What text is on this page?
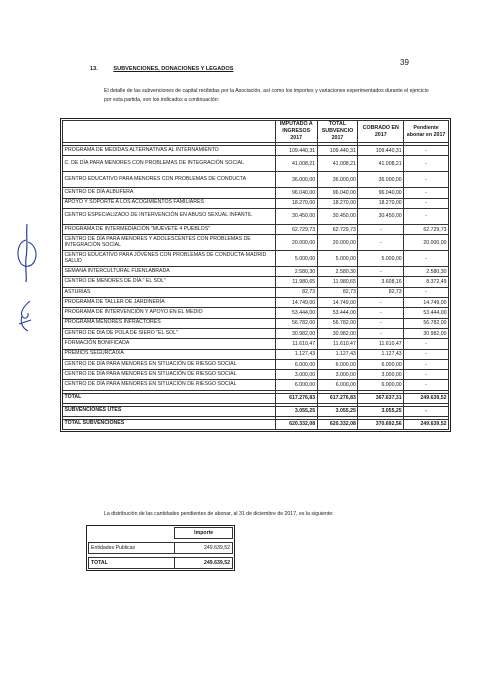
39
13.	SUBVENCIONES, DONACIONES Y LEGADOS
El detalle de las subvenciones de capital recibidas por la Asociación, así como los importes y variaciones experimentados durante el ejercicio por esta partida, son los indicados a continuación:
	IMPUTADO A INGRESOS 2017	TOTAL SUBVENCIO 2017	COBRADO EN 2017	Pendiente abonar en 2017

PROGRAMA DE MEDIDAS ALTERNATIVAS AL INTERNAMIENTO	109.440,31	109.440,31	109.440,31	-
C. DE DÍA PARA MENORES CON PROBLEMAS DE INTEGRACIÓN SOCIAL	41.008,21	41.008,21	41.008,21	-
CENTRO EDUCATIVO PARA MENORES CON PROBLEMAS DE CONDUCTA	36.000,00	36.000,00	36.000,00	-
CENTRO DE DÍA ALBUFERA	96.040,00	96.040,00	96.040,00	-
APOYO Y SOPORTE A LOS ACOGIMIENTOS FAMILIARES	18.270,00	18.270,00	18.270,00	-
CENTRO ESPECIALIZADO DE INTERVENCIÓN EN ABUSO SEXUAL INFANTIL	30.450,00	30.450,00	30.450,00	-
PROGRAMA DE INTERMEDIACIÓN "MUEVETE 4 PUEBLOS"	62.729,73	62.729,73	-	62.729,73
CENTRO DE DÍA PARA MENORES Y ADOLESCENTES CON PROBLEMAS DE INTEGRACIÓN SOCIAL	20.000,00	20.000,00	-	20.000,00
CENTRO EDUCATIVO PARA JÓVENES CON PROBLEMAS DE CONDUCTA-MADRID SALUD	5.000,00	5.000,00	5.000,00	-
SEMANA INTERCULTURAL FUENLABRADA	2.580,30	2.580,30	-	2.580,30
CENTRO DE MENORES DE DÍA " EL SOL"	11.980,65	11.980,65	3.608,16	8.372,49
ASTURIAS	82,73	82,73	82,73	-
PROGRAMA DE TALLER DE JARDINERÍA	14.749,00	14.749,00	-	14.749,00
PROGRAMA DE INTERVENCIÓN Y APOYO EN EL MEDIO	53.444,00	53.444,00	-	53.444,00
PROGRAMA MENORES INFRACTORES	56.782,00	56.782,00	-	56.782,00
CENTRO DE DIA DE POLA DE SIERO "EL SOL"	30.982,00	30.982,00	-	30.982,00
FORMACIÓN BONIFICADA	11.610,47	11.610,47	11.610,47	-
PREMIOS SEGURCAIXA	1.127,43	1.127,43	1.127,43	-
CENTRO DE DÍA PARA MENORES EN SITUACIÓN DE RIESGO SOCIAL	6.000,00	6.000,00	6.000,00	-
CENTRO DE DÍA PARA MENORES EN SITUACIÓN DE RIESGO SOCIAL	3.000,00	3.000,00	3.000,00	-
CENTRO DE DÍA PARA MENORES EN SITUACIÓN DE RIESGO SOCIAL	6.000,00	6.000,00	6.000,00	-

TOTAL	617.276,83	617.276,83	367.637,31	249.639,52

SUBVENCIONES UTES	3.055,25	3.055,25	3.055,25	-

TOTAL SUBVENCIONES	620.332,08	620.332,08	370.692,56	249.639,52
La distribución de las cantidades pendientes de abonar, al 31 de diciembre de 2017, es la siguiente:
	Importe

Entidades Publicas	249.639,52

TOTAL	249.639,52
